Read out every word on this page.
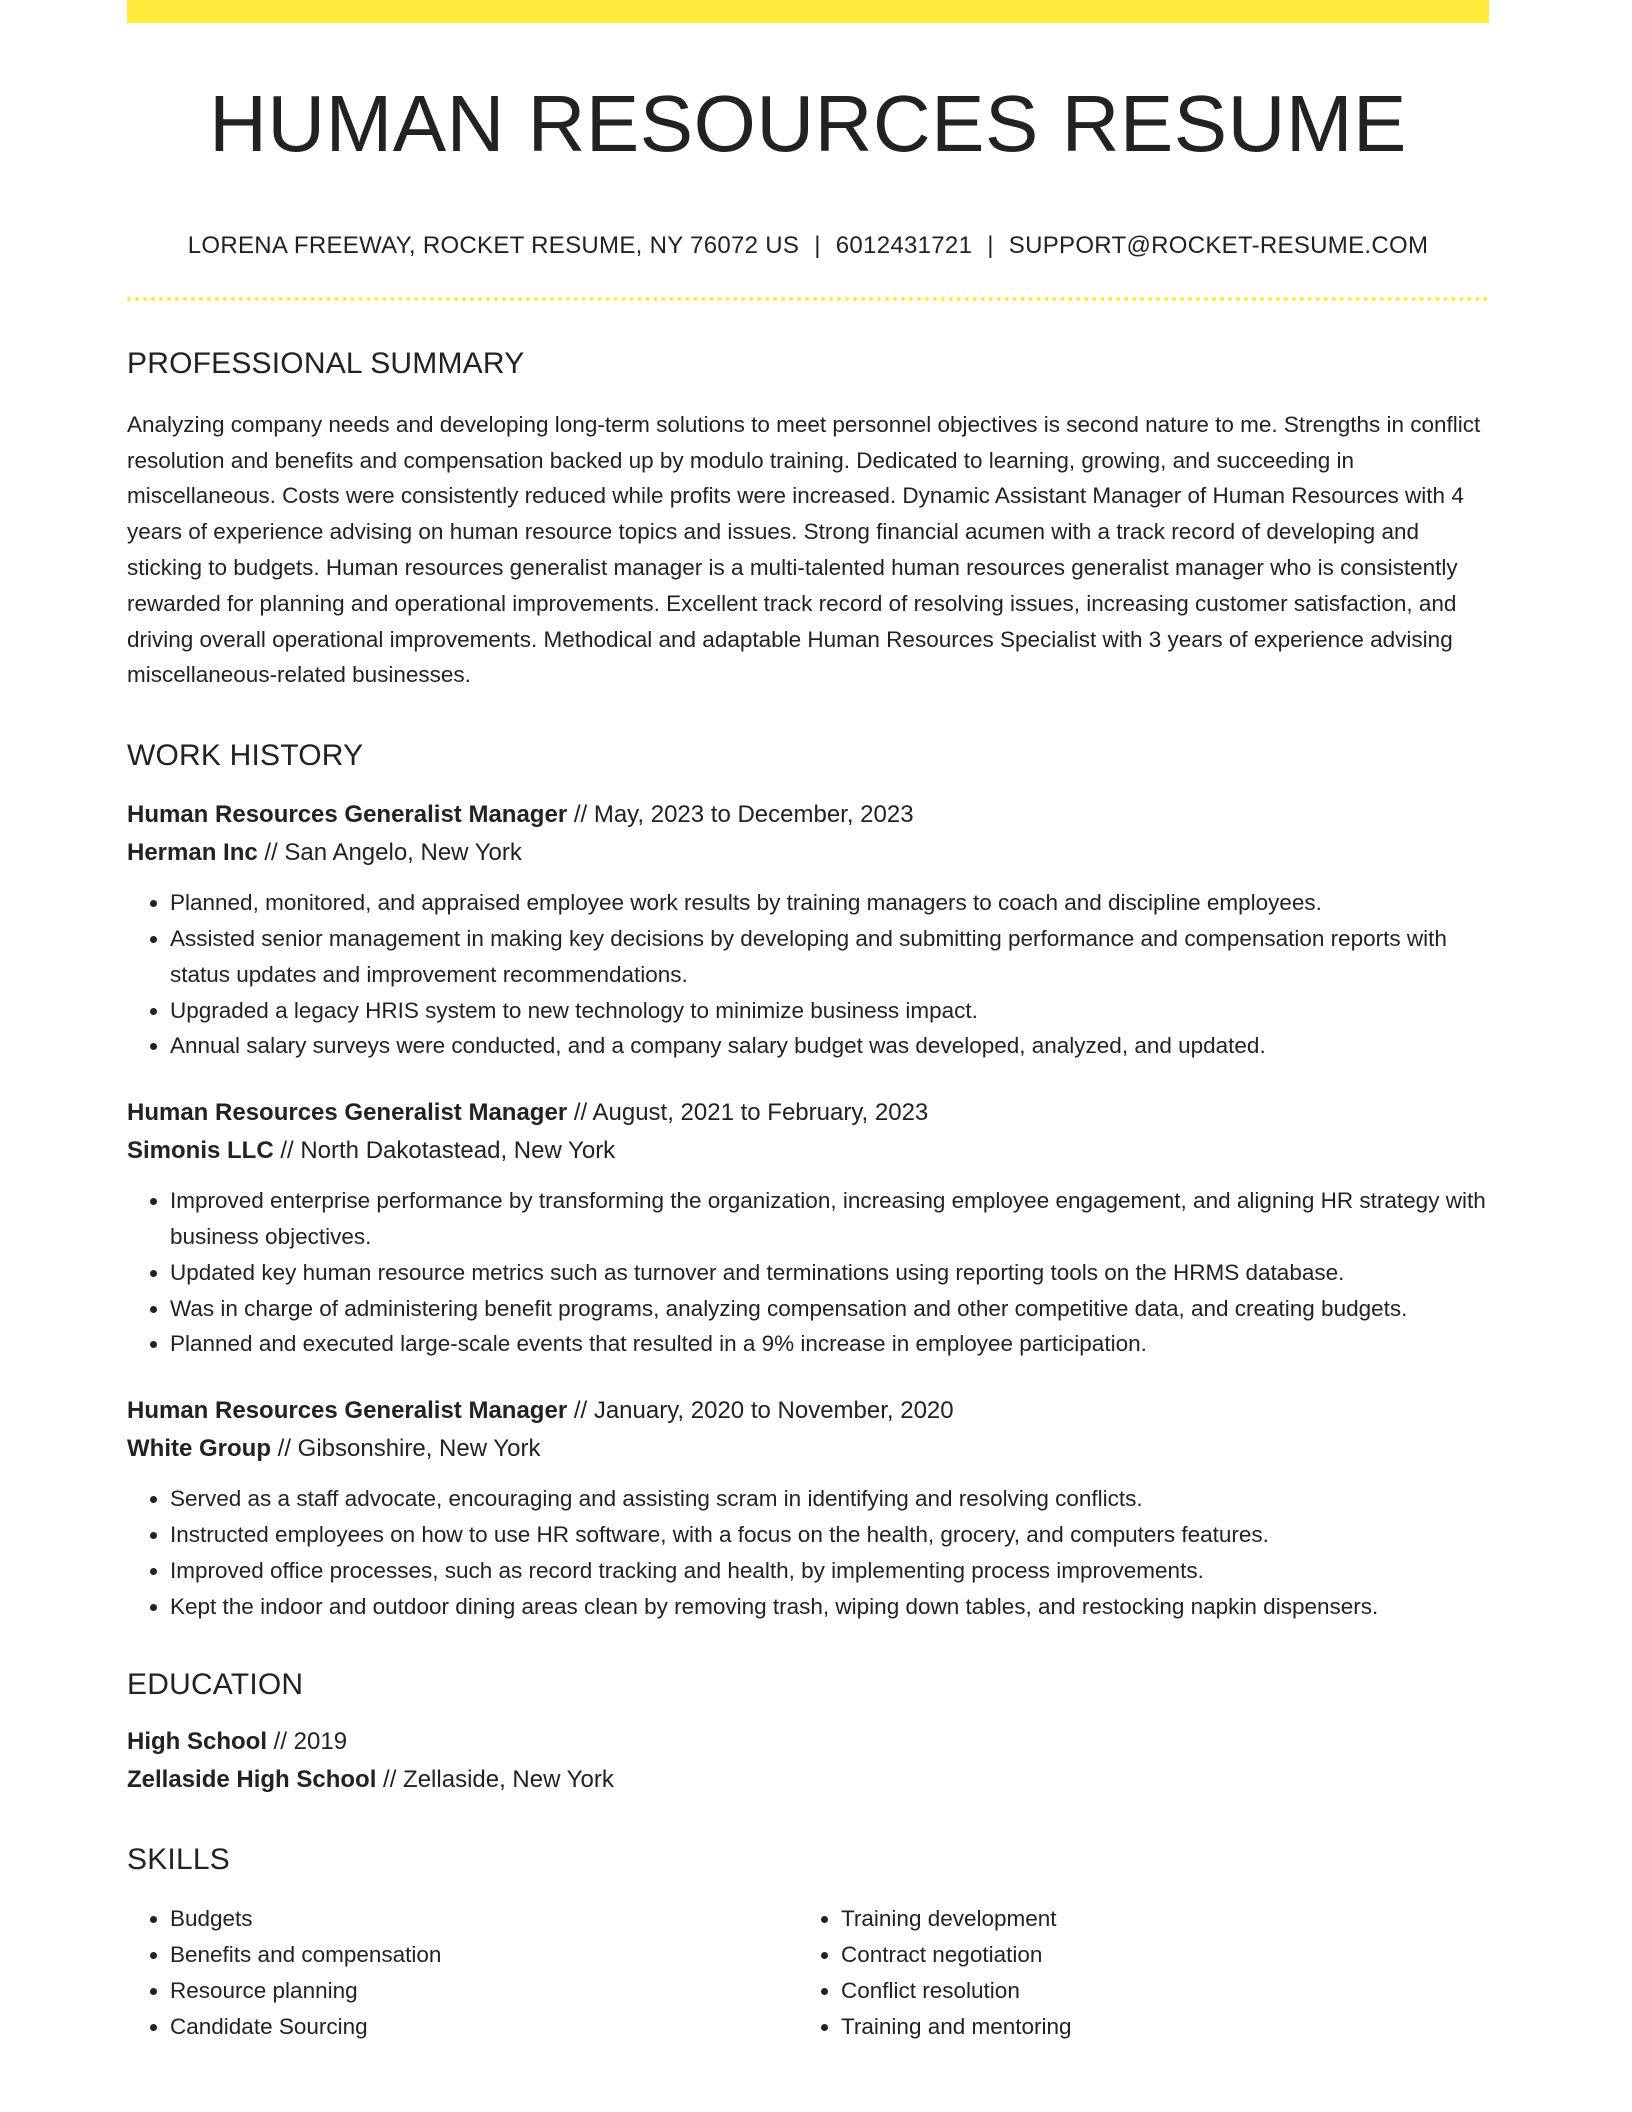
HUMAN RESOURCES RESUME
LORENA FREEWAY, ROCKET RESUME, NY 76072 US | 6012431721 | SUPPORT@ROCKET-RESUME.COM
PROFESSIONAL SUMMARY

Analyzing company needs and developing long-term solutions to meet personnel objectives is second nature to me. Strengths in conflict resolution and benefits and compensation backed up by modulo training. Dedicated to learning, growing, and succeeding in miscellaneous. Costs were consistently reduced while profits were increased. Dynamic Assistant Manager of Human Resources with 4 years of experience advising on human resource topics and issues. Strong financial acumen with a track record of developing and sticking to budgets. Human resources generalist manager is a multi-talented human resources generalist manager who is consistently rewarded for planning and operational improvements. Excellent track record of resolving issues, increasing customer satisfaction, and driving overall operational improvements. Methodical and adaptable Human Resources Specialist with 3 years of experience advising miscellaneous-related businesses.

WORK HISTORY
Human Resources Generalist Manager // May, 2023 to December, 2023
Herman Inc // San Angelo, New York
• Planned, monitored, and appraised employee work results by training managers to coach and discipline employees.
• Assisted senior management in making key decisions by developing and submitting performance and compensation reports with status updates and improvement recommendations.
• Upgraded a legacy HRIS system to new technology to minimize business impact.
• Annual salary surveys were conducted, and a company salary budget was developed, analyzed, and updated.
Human Resources Generalist Manager // August, 2021 to February, 2023
Simonis LLC // North Dakotastead, New York
• Improved enterprise performance by transforming the organization, increasing employee engagement, and aligning HR strategy with business objectives.
• Updated key human resource metrics such as turnover and terminations using reporting tools on the HRMS database.
• Was in charge of administering benefit programs, analyzing compensation and other competitive data, and creating budgets.
• Planned and executed large-scale events that resulted in a 9% increase in employee participation.
Human Resources Generalist Manager // January, 2020 to November, 2020
White Group // Gibsonshire, New York
• Served as a staff advocate, encouraging and assisting scram in identifying and resolving conflicts.
• Instructed employees on how to use HR software, with a focus on the health, grocery, and computers features.
• Improved office processes, such as record tracking and health, by implementing process improvements.
• Kept the indoor and outdoor dining areas clean by removing trash, wiping down tables, and restocking napkin dispensers.
EDUCATION
High School // 2019
Zellaside High School // Zellaside, New York
SKILLS
• Budgets
• Benefits and compensation
• Resource planning
• Candidate Sourcing
• Training development
• Contract negotiation
• Conflict resolution
• Training and mentoring
